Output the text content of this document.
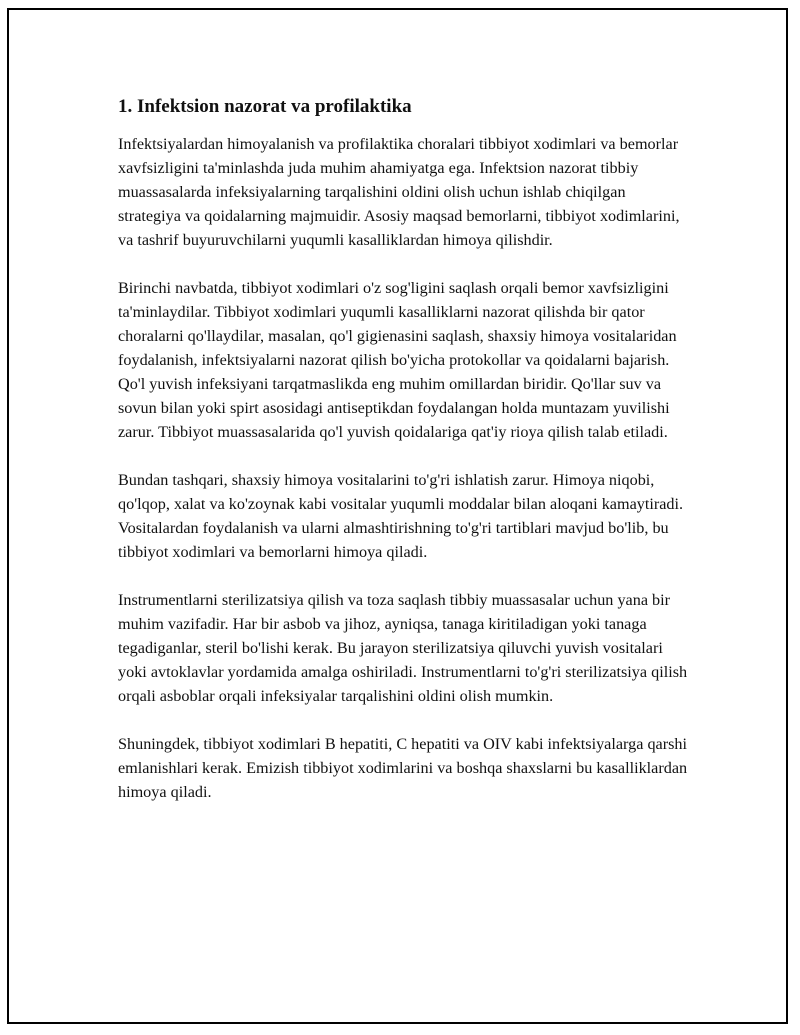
1. Infektsion nazorat va profilaktika

Infektsiyalardan himoyalanish va profilaktika choralari tibbiyot xodimlari va bemorlar xavfsizligini ta'minlashda juda muhim ahamiyatga ega. Infektsion nazorat tibbiy muassasalarda infeksiyalarning tarqalishini oldini olish uchun ishlab chiqilgan strategiya va qoidalarning majmuidir. Asosiy maqsad bemorlarni, tibbiyot xodimlarini, va tashrif buyuruvchilarni yuqumli kasalliklardan himoya qilishdir.

Birinchi navbatda, tibbiyot xodimlari o'z sog'ligini saqlash orqali bemor xavfsizligini ta'minlaydilar. Tibbiyot xodimlari yuqumli kasalliklarni nazorat qilishda bir qator choralarni qo'llaydilar, masalan, qo'l gigienasini saqlash, shaxsiy himoya vositalaridan foydalanish, infektsiyalarni nazorat qilish bo'yicha protokollar va qoidalarni bajarish. Qo'l yuvish infeksiyani tarqatmaslikda eng muhim omillardan biridir. Qo'llar suv va sovun bilan yoki spirt asosidagi antiseptikdan foydalangan holda muntazam yuvilishi zarur. Tibbiyot muassasalarida qo'l yuvish qoidalariga qat'iy rioya qilish talab etiladi.

Bundan tashqari, shaxsiy himoya vositalarini to'g'ri ishlatish zarur. Himoya niqobi, qo'lqop, xalat va ko'zoynak kabi vositalar yuqumli moddalar bilan aloqani kamaytiradi. Vositalardan foydalanish va ularni almashtirishning to'g'ri tartiblari mavjud bo'lib, bu tibbiyot xodimlari va bemorlarni himoya qiladi.

Instrumentlarni sterilizatsiya qilish va toza saqlash tibbiy muassasalar uchun yana bir muhim vazifadir. Har bir asbob va jihoz, ayniqsa, tanaga kiritiladigan yoki tanaga tegadiganlar, steril bo'lishi kerak. Bu jarayon sterilizatsiya qiluvchi yuvish vositalari yoki avtoklavlar yordamida amalga oshiriladi. Instrumentlarni to'g'ri sterilizatsiya qilish orqali asboblar orqali infeksiyalar tarqalishini oldini olish mumkin.

Shuningdek, tibbiyot xodimlari B hepatiti, C hepatiti va OIV kabi infektsiyalarga qarshi emlanishlari kerak. Emizish tibbiyot xodimlarini va boshqa shaxslarni bu kasalliklardan himoya qiladi.
